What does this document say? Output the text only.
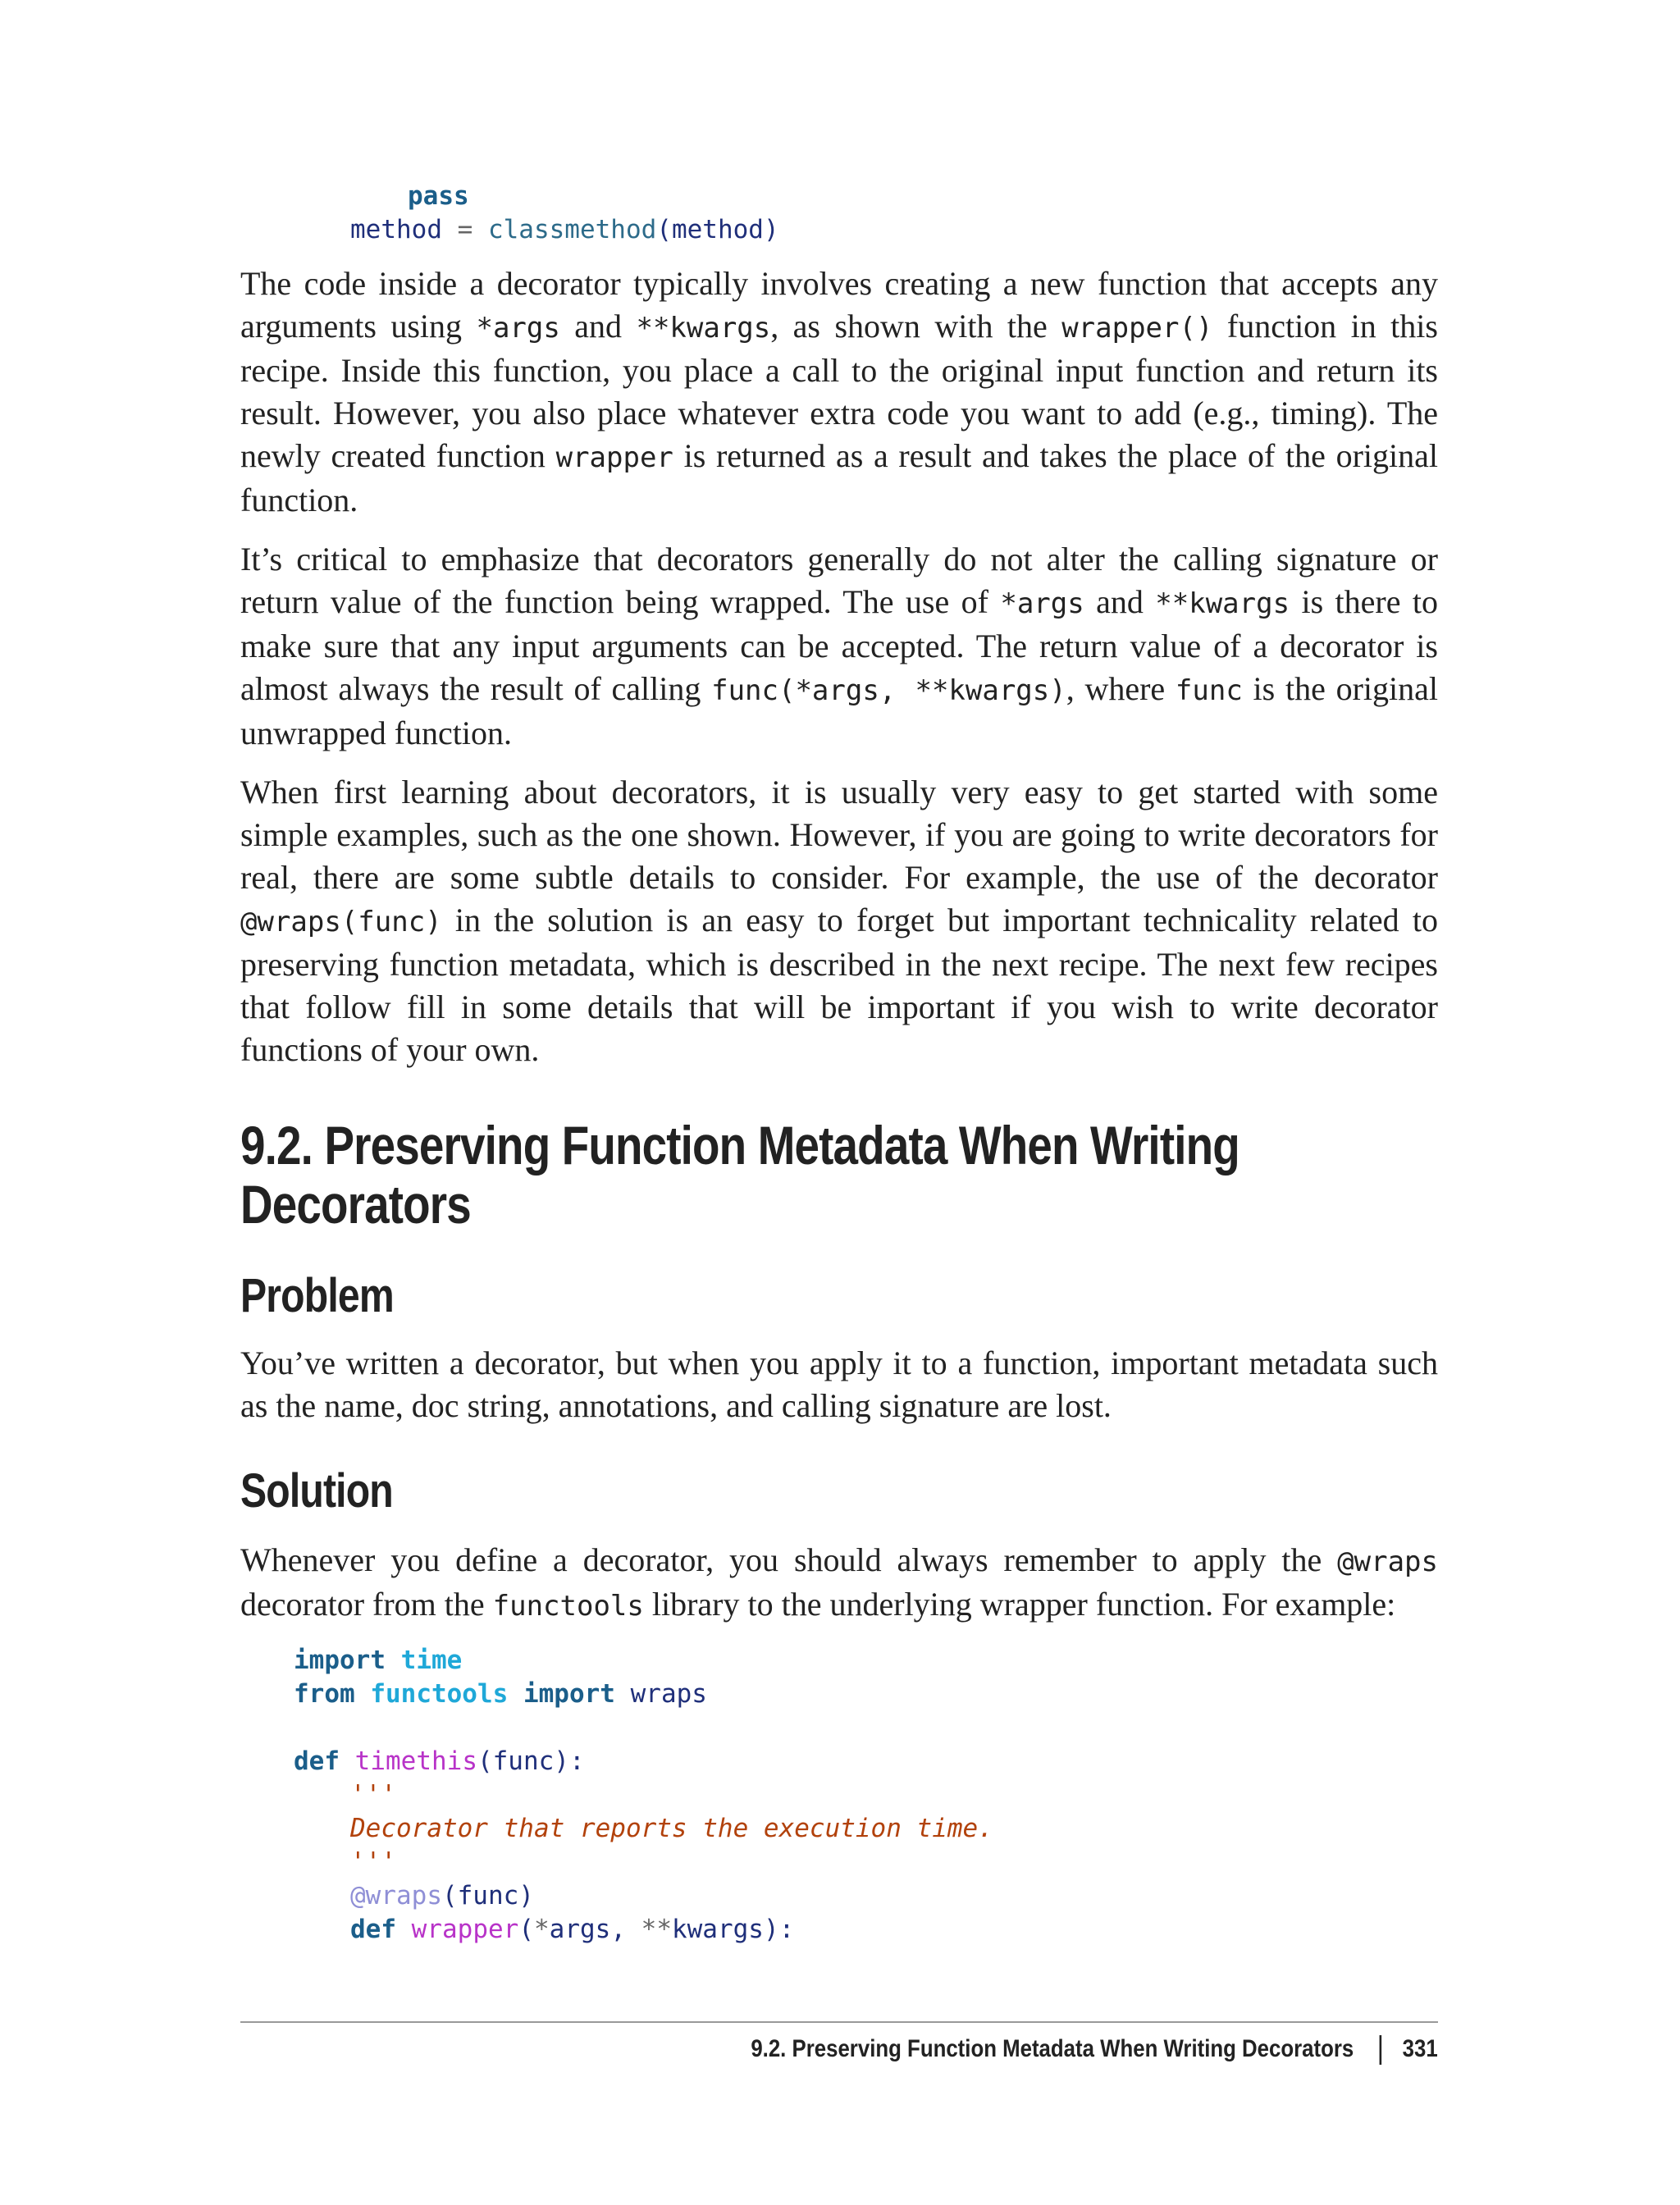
pass
method = classmethod(method)

The code inside a decorator typically involves creating a new function that accepts any arguments using *args and **kwargs, as shown with the wrapper() function in this recipe. Inside this function, you place a call to the original input function and return its result. However, you also place whatever extra code you want to add (e.g., timing). The newly created function wrapper is returned as a result and takes the place of the original function.

It’s critical to emphasize that decorators generally do not alter the calling signature or return value of the function being wrapped. The use of *args and **kwargs is there to make sure that any input arguments can be accepted. The return value of a decorator is almost always the result of calling func(*args, **kwargs), where func is the original unwrapped function.

When first learning about decorators, it is usually very easy to get started with some simple examples, such as the one shown. However, if you are going to write decorators for real, there are some subtle details to consider. For example, the use of the decorator @wraps(func) in the solution is an easy to forget but important technicality related to preserving function metadata, which is described in the next recipe. The next few recipes that follow fill in some details that will be important if you wish to write decorator functions of your own.

9.2. Preserving Function Metadata When Writing
Decorators
Problem

You’ve written a decorator, but when you apply it to a function, important metadata such as the name, doc string, annotations, and calling signature are lost.

Solution

Whenever you define a decorator, you should always remember to apply the @wraps decorator from the functools library to the underlying wrapper function. For example:

import time
from functools import wraps
def timethis(func):
'''
Decorator that reports the execution time.
'''
@wraps(func)
def wrapper(*args, **kwargs):
9.2. Preserving Function Metadata When Writing Decorators 331
